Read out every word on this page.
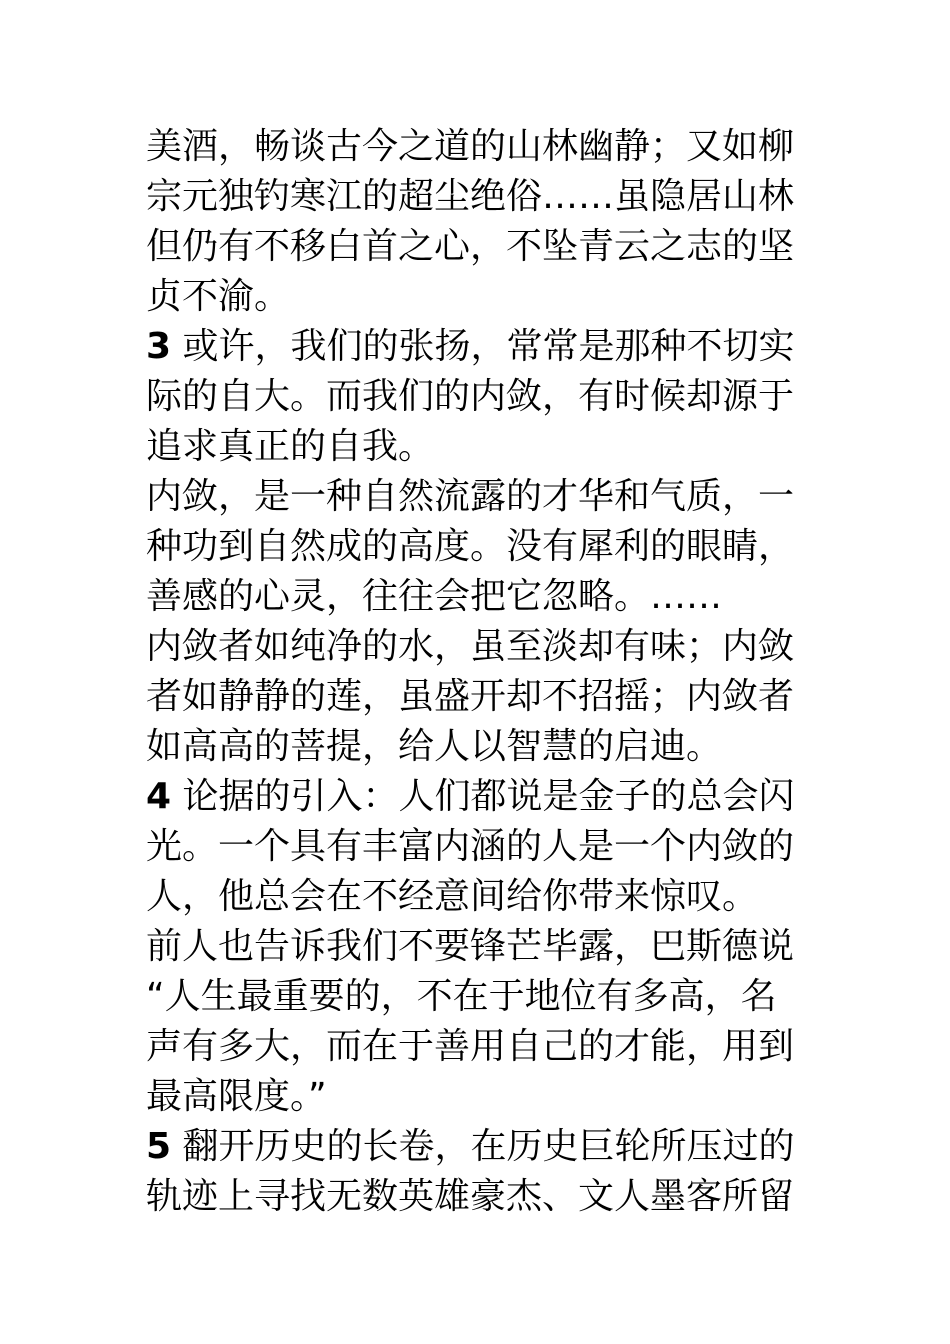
美酒，畅谈古今之道的山林幽静；又如柳
宗元独钓寒江的超尘绝俗……虽隐居山林
但仍有不移白首之心，不坠青云之志的坚
贞不渝。
3 或许，我们的张扬，常常是那种不切实
际的自大。而我们的内敛，有时候却源于
追求真正的自我。
内敛，是一种自然流露的才华和气质，一
种功到自然成的高度。没有犀利的眼睛，
善感的心灵，往往会把它忽略。……
内敛者如纯净的水，虽至淡却有味；内敛
者如静静的莲，虽盛开却不招摇；内敛者
如高高的菩提，给人以智慧的启迪。
4 论据的引入：人们都说是金子的总会闪
光。一个具有丰富内涵的人是一个内敛的
人，他总会在不经意间给你带来惊叹。
前人也告诉我们不要锋芒毕露，巴斯德说
“人生最重要的，不在于地位有多高，名
声有多大，而在于善用自己的才能，用到
最高限度。”
5 翻开历史的长卷，在历史巨轮所压过的
轨迹上寻找无数英雄豪杰、文人墨客所留
